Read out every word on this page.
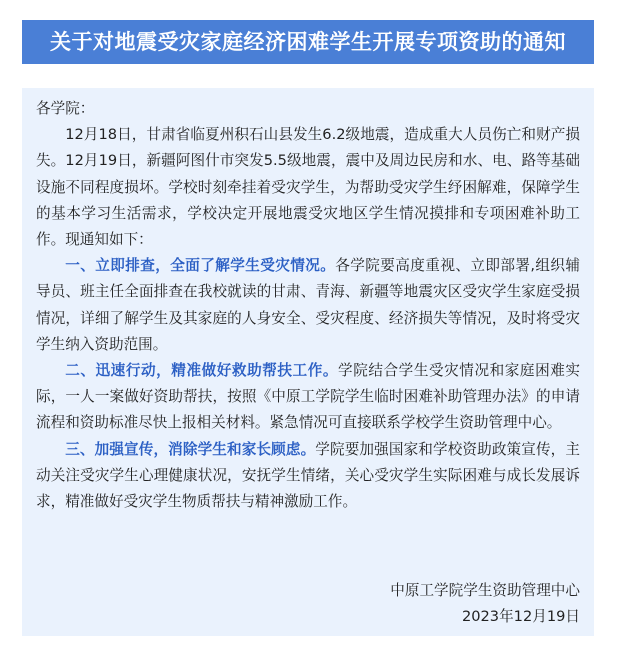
关于对地震受灾家庭经济困难学生开展专项资助的通知

各学院：

12月18日，甘肃省临夏州积石山县发生6.2级地震，造成重大人员伤亡和财产损失。12月19日，新疆阿图什市突发5.5级地震，震中及周边民房和水、电、路等基础设施不同程度损坏。学校时刻牵挂着受灾学生，为帮助受灾学生纾困解难，保障学生的基本学习生活需求，学校决定开展地震受灾地区学生情况摸排和专项困难补助工作。现通知如下：

一、立即排查，全面了解学生受灾情况。各学院要高度重视、立即部署,组织辅导员、班主任全面排查在我校就读的甘肃、青海、新疆等地震灾区受灾学生家庭受损情况，详细了解学生及其家庭的人身安全、受灾程度、经济损失等情况，及时将受灾学生纳入资助范围。

二、迅速行动，精准做好救助帮扶工作。学院结合学生受灾情况和家庭困难实际，一人一案做好资助帮扶，按照《中原工学院学生临时困难补助管理办法》的申请流程和资助标准尽快上报相关材料。紧急情况可直接联系学校学生资助管理中心。

三、加强宣传，消除学生和家长顾虑。学院要加强国家和学校资助政策宣传，主动关注受灾学生心理健康状况，安抚学生情绪，关心受灾学生实际困难与成长发展诉求，精准做好受灾学生物质帮扶与精神激励工作。

中原工学院学生资助管理中心
2023年12月19日
